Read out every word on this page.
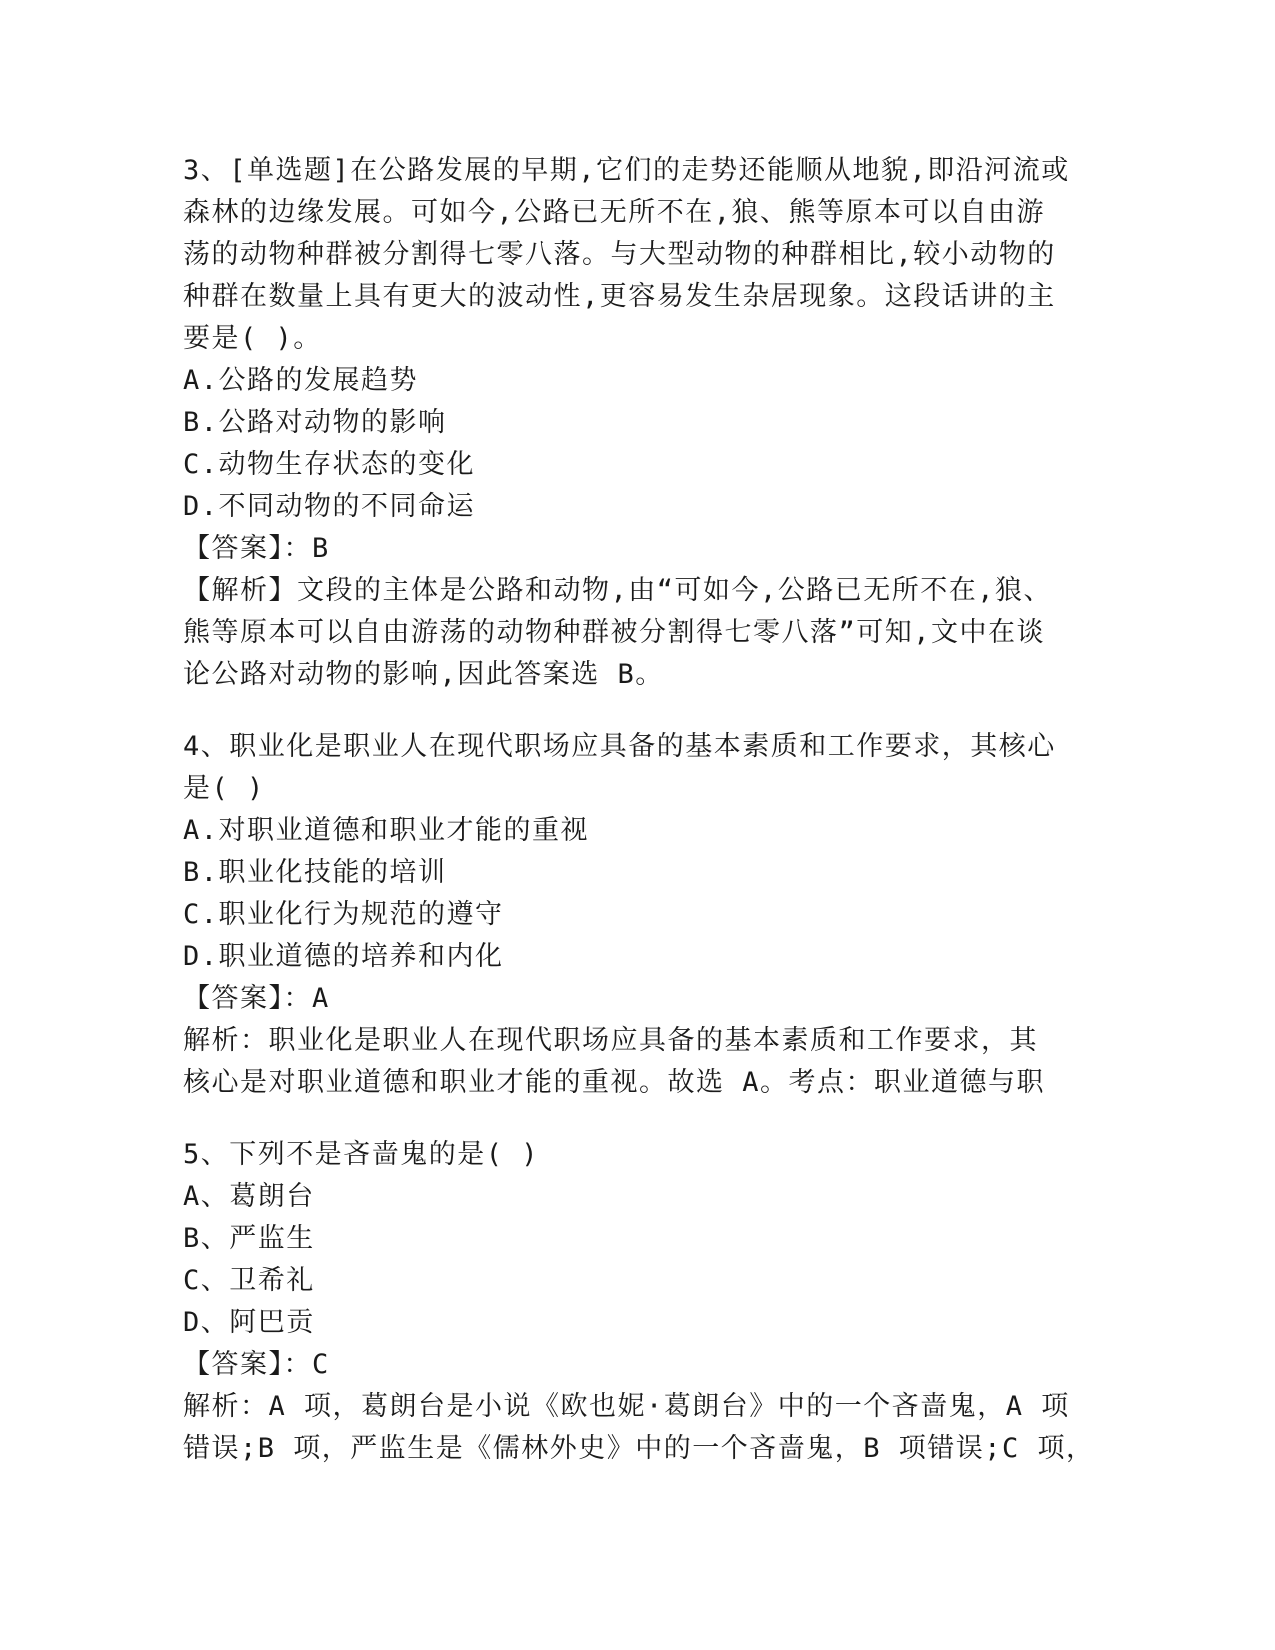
3、[单选题]在公路发展的早期,它们的走势还能顺从地貌,即沿河流或
森林的边缘发展。可如今,公路已无所不在,狼、熊等原本可以自由游
荡的动物种群被分割得七零八落。与大型动物的种群相比,较小动物的
种群在数量上具有更大的波动性,更容易发生杂居现象。这段话讲的主
要是( )。
A.公路的发展趋势
B.公路对动物的影响
C.动物生存状态的变化
D.不同动物的不同命运
【答案】：B
【解析】文段的主体是公路和动物,由“可如今,公路已无所不在,狼、
熊等原本可以自由游荡的动物种群被分割得七零八落”可知,文中在谈
论公路对动物的影响,因此答案选 B。
4、职业化是职业人在现代职场应具备的基本素质和工作要求，其核心
是( )
A.对职业道德和职业才能的重视
B.职业化技能的培训
C.职业化行为规范的遵守
D.职业道德的培养和内化
【答案】：A
解析：职业化是职业人在现代职场应具备的基本素质和工作要求，其
核心是对职业道德和职业才能的重视。故选 A。考点：职业道德与职
5、下列不是吝啬鬼的是( )
A、葛朗台
B、严监生
C、卫希礼
D、阿巴贡
【答案】：C
解析：A 项，葛朗台是小说《欧也妮·葛朗台》中的一个吝啬鬼，A 项
错误;B 项，严监生是《儒林外史》中的一个吝啬鬼，B 项错误;C 项，
